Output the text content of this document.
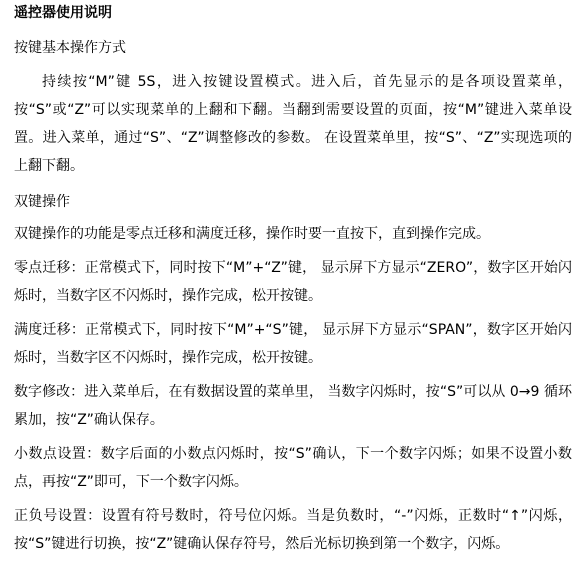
遥控器使用说明

按键基本操作方式

持续按“M”键 5S，进入按键设置模式。进入后，首先显示的是各项设置菜单，按“S”或“Z”可以实现菜单的上翻和下翻。当翻到需要设置的页面，按“M”键进入菜单设置。进入菜单，通过“S”、“Z”调整修改的参数。 在设置菜单里，按“S”、“Z”实现选项的上翻下翻。

双键操作

双键操作的功能是零点迁移和满度迁移，操作时要一直按下，直到操作完成。

零点迁移：正常模式下，同时按下“M”+“Z”键， 显示屏下方显示“ZERO”，数字区开始闪烁时，当数字区不闪烁时，操作完成，松开按键。

满度迁移：正常模式下，同时按下“M”+“S”键， 显示屏下方显示“SPAN”，数字区开始闪烁时，当数字区不闪烁时，操作完成，松开按键。

数字修改：进入菜单后，在有数据设置的菜单里， 当数字闪烁时，按“S”可以从 0→9 循环累加，按“Z”确认保存。

小数点设置：数字后面的小数点闪烁时，按“S”确认，下一个数字闪烁；如果不设置小数点，再按“Z”即可，下一个数字闪烁。

正负号设置：设置有符号数时，符号位闪烁。当是负数时，“-”闪烁，正数时“↑”闪烁，按“S”键进行切换，按“Z”键确认保存符号，然后光标切换到第一个数字，闪烁。
